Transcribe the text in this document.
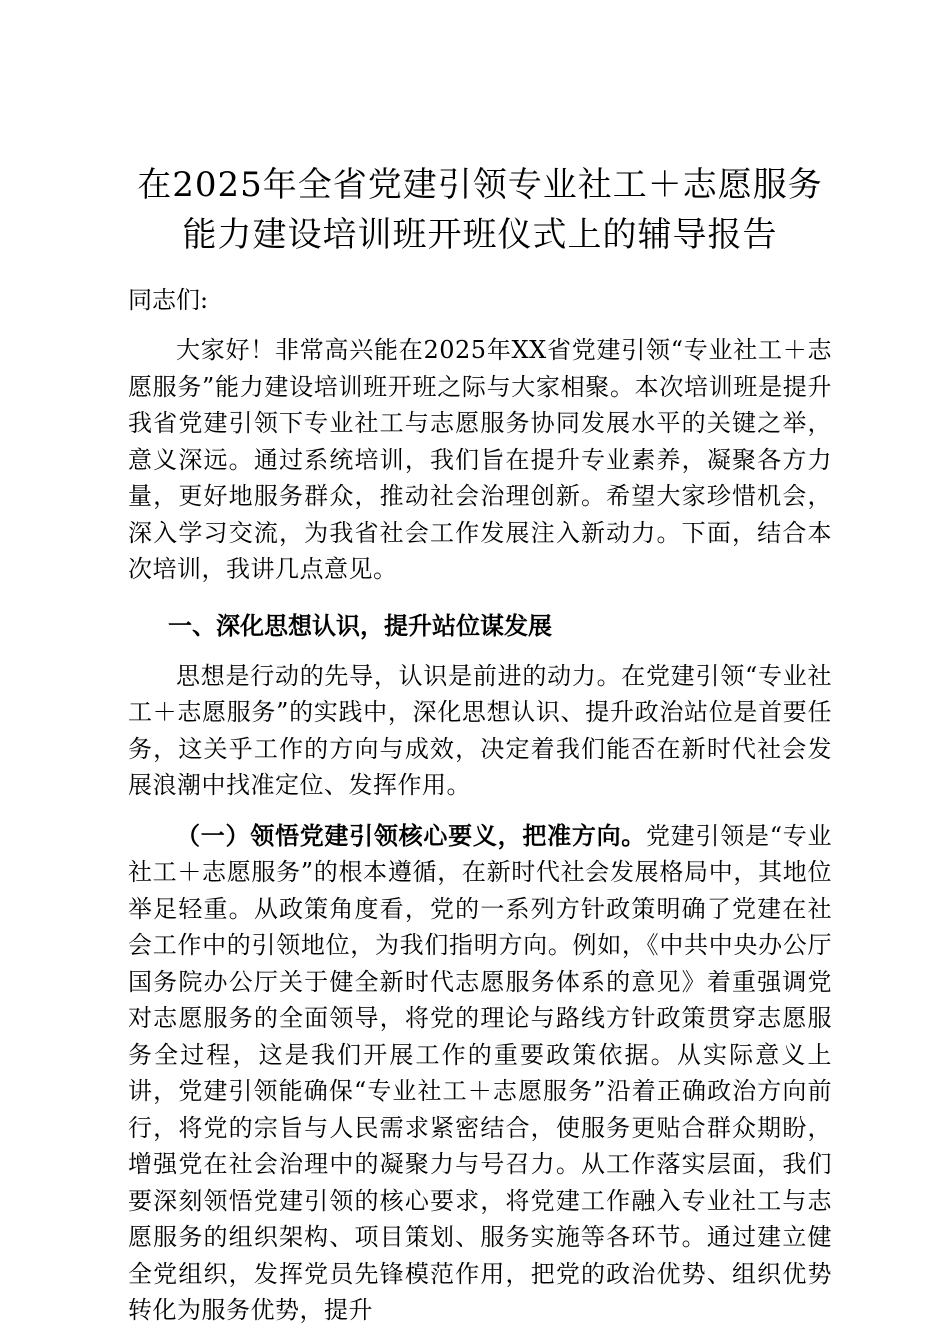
在2025年全省党建引领专业社工＋志愿服务
能力建设培训班开班仪式上的辅导报告

同志们:

大家好！非常高兴能在2025年XX省党建引领“专业社工＋志愿服务”能力建设培训班开班之际与大家相聚。本次培训班是提升我省党建引领下专业社工与志愿服务协同发展水平的关键之举，意义深远。通过系统培训，我们旨在提升专业素养，凝聚各方力量，更好地服务群众，推动社会治理创新。希望大家珍惜机会，深入学习交流，为我省社会工作发展注入新动力。下面，结合本次培训，我讲几点意见。

一、深化思想认识，提升站位谋发展

思想是行动的先导，认识是前进的动力。在党建引领“专业社工＋志愿服务”的实践中，深化思想认识、提升政治站位是首要任务，这关乎工作的方向与成效，决定着我们能否在新时代社会发展浪潮中找准定位、发挥作用。

（一）领悟党建引领核心要义，把准方向。党建引领是“专业社工＋志愿服务”的根本遵循，在新时代社会发展格局中，其地位举足轻重。从政策角度看，党的一系列方针政策明确了党建在社会工作中的引领地位，为我们指明方向。例如，《中共中央办公厅国务院办公厅关于健全新时代志愿服务体系的意见》着重强调党对志愿服务的全面领导，将党的理论与路线方针政策贯穿志愿服务全过程，这是我们开展工作的重要政策依据。从实际意义上讲，党建引领能确保“专业社工＋志愿服务”沿着正确政治方向前行，将党的宗旨与人民需求紧密结合，使服务更贴合群众期盼，增强党在社会治理中的凝聚力与号召力。从工作落实层面，我们要深刻领悟党建引领的核心要求，将党建工作融入专业社工与志愿服务的组织架构、项目策划、服务实施等各环节。通过建立健全党组织，发挥党员先锋模范作用，把党的政治优势、组织优势转化为服务优势，提升
